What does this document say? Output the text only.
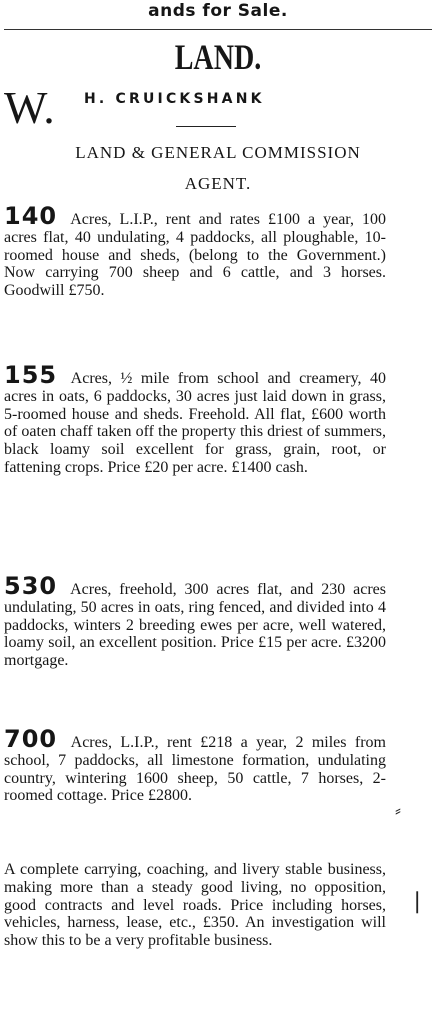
ands for Sale.
LAND.
W. H. CRUICKSHANK
LAND & GENERAL COMMISSION
AGENT.
140 Acres, L.I.P., rent and rates £100 a year, 100 acres flat, 40 undulating, 4 paddocks, all ploughable, 10-roomed house and sheds, (belong to the Government.) Now carrying 700 sheep and 6 cattle, and 3 horses. Goodwill £750.
155 Acres, ½ mile from school and creamery, 40 acres in oats, 6 paddocks, 30 acres just laid down in grass, 5-roomed house and sheds. Freehold. All flat, £600 worth of oaten chaff taken off the property this driest of summers, black loamy soil excellent for grass, grain, root, or fattening crops. Price £20 per acre. £1400 cash.
530 Acres, freehold, 300 acres flat, and 230 acres undulating, 50 acres in oats, ring fenced, and divided into 4 paddocks, winters 2 breeding ewes per acre, well watered, loamy soil, an excellent position. Price £15 per acre. £3200 mortgage.
700 Acres, L.I.P., rent £218 a year, 2 miles from school, 7 paddocks, all limestone formation, undulating country, wintering 1600 sheep, 50 cattle, 7 horses, 2-roomed cottage. Price £2800.
A complete carrying, coaching, and livery stable business, making more than a steady good living, no opposition, good contracts and level roads. Price including horses, vehicles, harness, lease, etc., £350. An investigation will show this to be a very profitable business.
⸗
❘
